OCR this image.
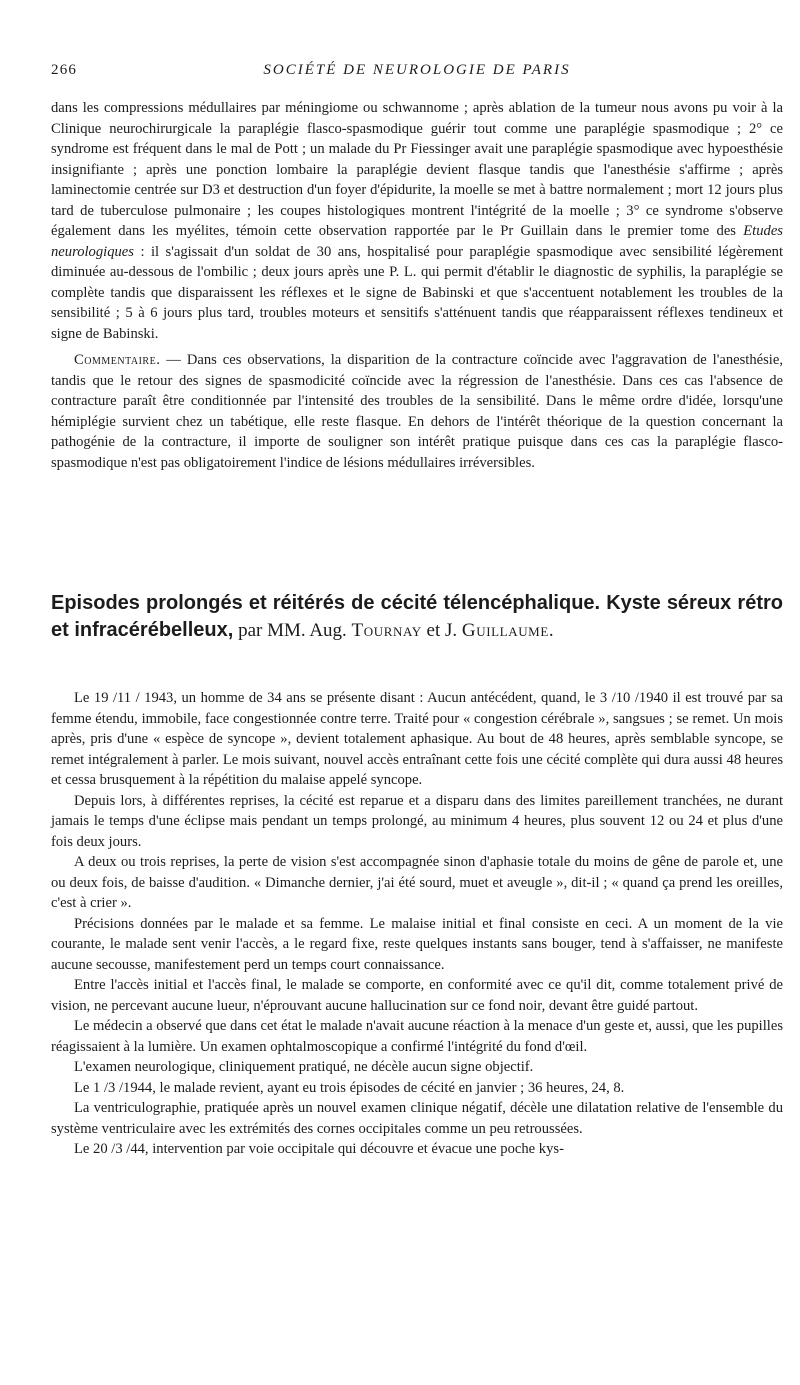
266	SOCIÉTÉ DE NEUROLOGIE DE PARIS

dans les compressions médullaires par méningiome ou schwannome ; après ablation de la tumeur nous avons pu voir à la Clinique neurochirurgicale la paraplégie flasco-spasmodique guérir tout comme une paraplégie spasmodique ; 2° ce syndrome est fréquent dans le mal de Pott ; un malade du Pr Fiessinger avait une paraplégie spasmodique avec hypoesthésie insignifiante ; après une ponction lombaire la paraplégie devient flasque tandis que l'anesthésie s'affirme ; après laminectomie centrée sur D3 et destruction d'un foyer d'épidurite, la moelle se met à battre normalement ; mort 12 jours plus tard de tuberculose pulmonaire ; les coupes histologiques montrent l'intégrité de la moelle ; 3° ce syndrome s'observe également dans les myélites, témoin cette observation rapportée par le Pr Guillain dans le premier tome des Etudes neurologiques : il s'agissait d'un soldat de 30 ans, hospitalisé pour paraplégie spasmodique avec sensibilité légèrement diminuée au-dessous de l'ombilic ; deux jours après une P. L. qui permit d'établir le diagnostic de syphilis, la paraplégie se complète tandis que disparaissent les réflexes et le signe de Babinski et que s'accentuent notablement les troubles de la sensibilité ; 5 à 6 jours plus tard, troubles moteurs et sensitifs s'atténuent tandis que réapparaissent réflexes tendineux et signe de Babinski.

Commentaire. — Dans ces observations, la disparition de la contracture coïncide avec l'aggravation de l'anesthésie, tandis que le retour des signes de spasmodicité coïncide avec la régression de l'anesthésie. Dans ces cas l'absence de contracture paraît être conditionnée par l'intensité des troubles de la sensibilité. Dans le même ordre d'idée, lorsqu'une hémiplégie survient chez un tabétique, elle reste flasque. En dehors de l'intérêt théorique de la question concernant la pathogénie de la contracture, il importe de souligner son intérêt pratique puisque dans ces cas la paraplégie flasco-spasmodique n'est pas obligatoirement l'indice de lésions médullaires irréversibles.

Episodes prolongés et réitérés de cécité télencéphalique. Kyste séreux rétro et infracérébelleux, par MM. Aug. Tournay et J. Guillaume.

Le 19 /11 / 1943, un homme de 34 ans se présente disant : Aucun antécédent, quand, le 3 /10 /1940 il est trouvé par sa femme étendu, immobile, face congestionnée contre terre. Traité pour « congestion cérébrale », sangsues ; se remet. Un mois après, pris d'une « espèce de syncope », devient totalement aphasique. Au bout de 48 heures, après semblable syncope, se remet intégralement à parler. Le mois suivant, nouvel accès entraînant cette fois une cécité complète qui dura aussi 48 heures et cessa brusquement à la répétition du malaise appelé syncope.

Depuis lors, à différentes reprises, la cécité est reparue et a disparu dans des limites pareillement tranchées, ne durant jamais le temps d'une éclipse mais pendant un temps prolongé, au minimum 4 heures, plus souvent 12 ou 24 et plus d'une fois deux jours.

A deux ou trois reprises, la perte de vision s'est accompagnée sinon d'aphasie totale du moins de gêne de parole et, une ou deux fois, de baisse d'audition. « Dimanche dernier, j'ai été sourd, muet et aveugle », dit-il ; « quand ça prend les oreilles, c'est à crier ».

Précisions données par le malade et sa femme. Le malaise initial et final consiste en ceci. A un moment de la vie courante, le malade sent venir l'accès, a le regard fixe, reste quelques instants sans bouger, tend à s'affaisser, ne manifeste aucune secousse, manifestement perd un temps court connaissance.

Entre l'accès initial et l'accès final, le malade se comporte, en conformité avec ce qu'il dit, comme totalement privé de vision, ne percevant aucune lueur, n'éprouvant aucune hallucination sur ce fond noir, devant être guidé partout.

Le médecin a observé que dans cet état le malade n'avait aucune réaction à la menace d'un geste et, aussi, que les pupilles réagissaient à la lumière. Un examen ophtalmoscopique a confirmé l'intégrité du fond d'œil.

L'examen neurologique, cliniquement pratiqué, ne décèle aucun signe objectif.

Le 1 /3 /1944, le malade revient, ayant eu trois épisodes de cécité en janvier ; 36 heures, 24, 8.

La ventriculographie, pratiquée après un nouvel examen clinique négatif, décèle une dilatation relative de l'ensemble du système ventriculaire avec les extrémités des cornes occipitales comme un peu retroussées.

Le 20 /3 /44, intervention par voie occipitale qui découvre et évacue une poche kys-
